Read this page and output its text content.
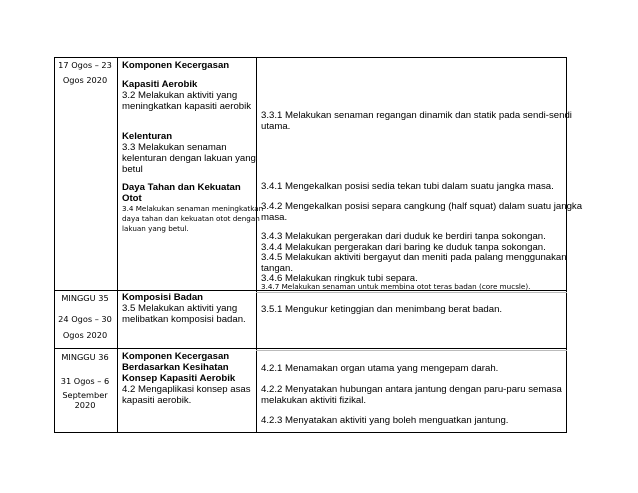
17 Ogos – 23
Ogos 2020
Komponen Kecergasan
Kapasiti Aerobik
3.2 Melakukan aktiviti yang
meningkatkan kapasiti aerobik
Kelenturan
3.3 Melakukan senaman
kelenturan dengan lakuan yang
betul
Daya Tahan dan Kekuatan
Otot
3.4 Melakukan senaman meningkatkan
daya tahan dan kekuatan otot dengan
lakuan yang betul.
3.3.1 Melakukan senaman regangan dinamik dan statik pada sendi-sendi
utama.
3.4.1 Mengekalkan posisi sedia tekan tubi dalam suatu jangka masa.
3.4.2 Mengekalkan posisi separa cangkung (half squat) dalam suatu jangka
masa.
3.4.3 Melakukan pergerakan dari duduk ke berdiri tanpa sokongan.
3.4.4 Melakukan pergerakan dari baring ke duduk tanpa sokongan.
3.4.5 Melakukan aktiviti bergayut dan meniti pada palang menggunakan
tangan.
3.4.6 Melakukan ringkuk tubi separa.
3.4.7 Melakukan senaman untuk membina otot teras badan (core mucsle).
MINGGU 35
24 Ogos – 30
Ogos 2020
Komposisi Badan
3.5 Melakukan aktiviti yang
melibatkan komposisi badan.
3.5.1 Mengukur ketinggian dan menimbang berat badan.
MINGGU 36
31 Ogos – 6
September 2020
Komponen Kecergasan
Berdasarkan Kesihatan
Konsep Kapasiti Aerobik
4.2 Mengaplikasi konsep asas
kapasiti aerobik.
4.2.1 Menamakan organ utama yang mengepam darah.
4.2.2 Menyatakan hubungan antara jantung dengan paru-paru semasa
melakukan aktiviti fizikal.
4.2.3 Menyatakan aktiviti yang boleh menguatkan jantung.
